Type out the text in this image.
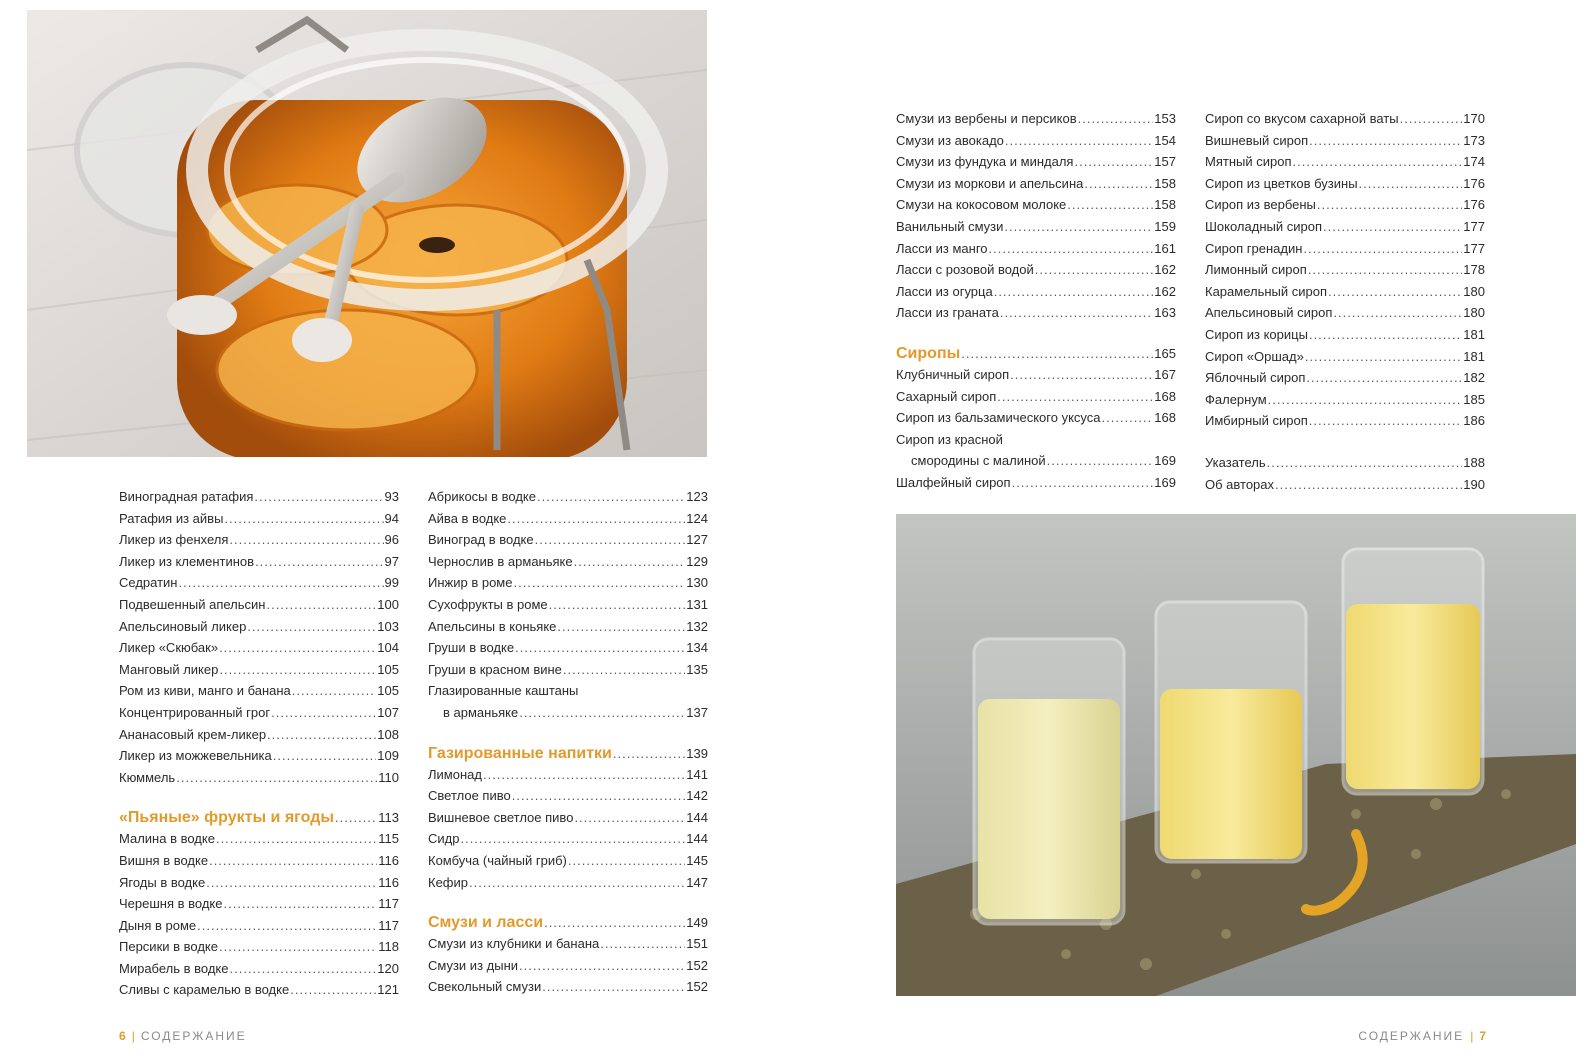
Виноградная ратафия .....	93
Ратафия из айвы .....	94
Ликер из фенхеля .....	96
Ликер из клементинов .....	97
Седратин .....	99
Подвешенный апельсин .....	100
Апельсиновый ликер .....	103
Ликер «Скюбак» .....	104
Манговый ликер .....	105
Ром из киви, манго и банана .....	105
Концентрированный грог .....	107
Ананасовый крем-ликер .....	108
Ликер из можжевельника .....	109
Кюммель .....	110
«Пьяные» фрукты и ягоды .....	113
Малина в водке .....	115
Вишня в водке .....	116
Ягоды в водке .....	116
Черешня в водке .....	117
Дыня в роме .....	117
Персики в водке .....	118
Мирабель в водке .....	120
Сливы с карамелью в водке .....	121
Абрикосы в водке .....	123
Айва в водке .....	124
Виноград в водке .....	127
Чернослив в арманьяке .....	129
Инжир в роме .....	130
Сухофрукты в роме .....	131
Апельсины в коньяке .....	132
Груши в водке .....	134
Груши в красном вине .....	135
Глазированные каштаны
в арманьяке .....	137
Газированные напитки .....	139
Лимонад .....	141
Светлое пиво .....	142
Вишневое светлое пиво .....	144
Сидр .....	144
Комбуча (чайный гриб) .....	145
Кефир .....	147
Смузи и ласси .....	149
Смузи из клубники и банана .....	151
Смузи из дыни .....	152
Свекольный смузи .....	152
Смузи из вербены и персиков .....	153
Смузи из авокадо .....	154
Смузи из фундука и миндаля .....	157
Смузи из моркови и апельсина .....	158
Смузи на кокосовом молоке .....	158
Ванильный смузи .....	159
Ласси из манго .....	161
Ласси с розовой водой .....	162
Ласси из огурца .....	162
Ласси из граната .....	163
Сиропы .....	165
Клубничный сироп .....	167
Сахарный сироп .....	168
Сироп из бальзамического уксуса .....	168
Сироп из красной
смородины с малиной .....	169
Шалфейный сироп .....	169
Сироп со вкусом сахарной ваты .....	170
Вишневый сироп .....	173
Мятный сироп .....	174
Сироп из цветков бузины .....	176
Сироп из вербены .....	176
Шоколадный сироп .....	177
Сироп гренадин .....	177
Лимонный сироп .....	178
Карамельный сироп .....	180
Апельсиновый сироп .....	180
Сироп из корицы .....	181
Сироп «Оршад» .....	181
Яблочный сироп .....	182
Фалернум .....	185
Имбирный сироп .....	186
Указатель .....	188
Об авторах .....	190
6 | СОДЕРЖАНИЕ	СОДЕРЖАНИЕ | 7
